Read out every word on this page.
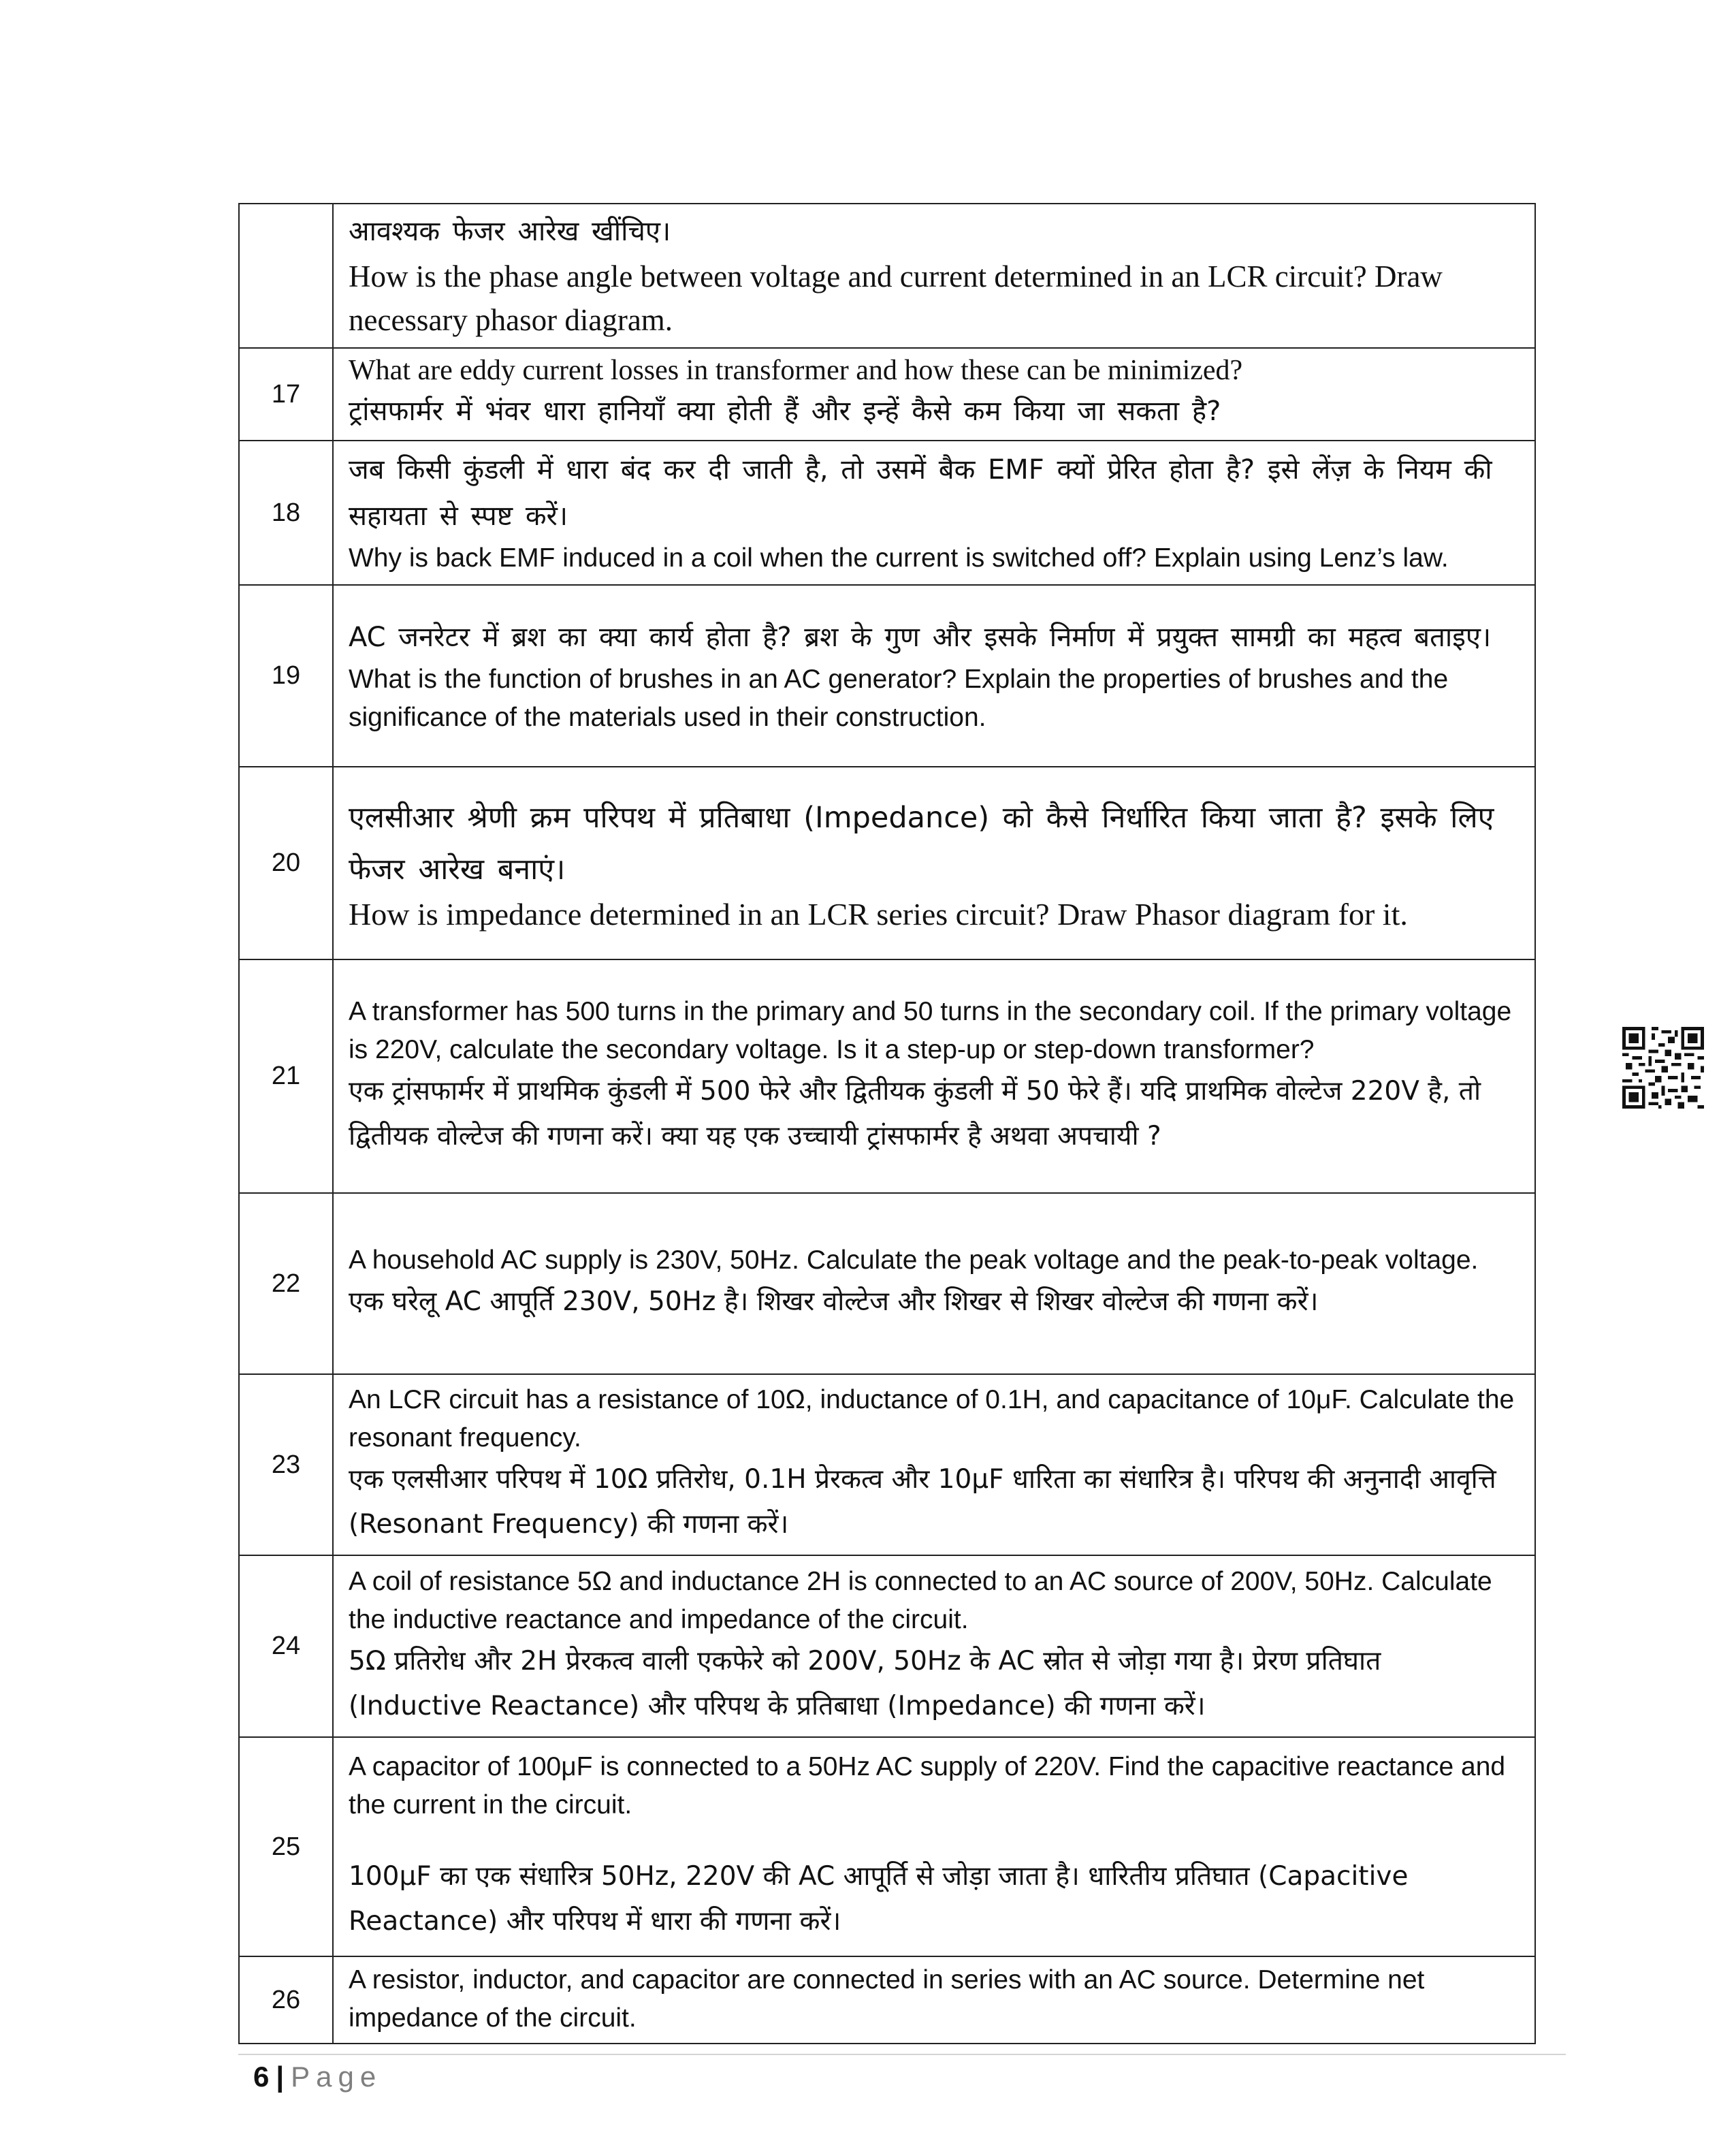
	आवश्यक फेजर आरेख खींचिए।

How is the phase angle between voltage and current determined in an LCR circuit? Draw necessary phasor diagram.

17	What are eddy current losses in transformer and how these can be minimized?

ट्रांसफार्मर में भंवर धारा हानियाँ क्या होती हैं और इन्हें कैसे कम किया जा सकता है?

18	जब किसी कुंडली में धारा बंद कर दी जाती है, तो उसमें बैक EMF क्यों प्रेरित होता है? इसे लेंज़ के नियम की सहायता से स्पष्ट करें।

Why is back EMF induced in a coil when the current is switched off? Explain using Lenz’s law.

19	AC जनरेटर में ब्रश का क्या कार्य होता है? ब्रश के गुण और इसके निर्माण में प्रयुक्त सामग्री का महत्व बताइए।

What is the function of brushes in an AC generator? Explain the properties of brushes and the significance of the materials used in their construction.

20	एलसीआर श्रेणी क्रम परिपथ में प्रतिबाधा (Impedance) को कैसे निर्धारित किया जाता है? इसके लिए फेजर आरेख बनाएं।

How is impedance determined in an LCR series circuit? Draw Phasor diagram for it.

21	A transformer has 500 turns in the primary and 50 turns in the secondary coil. If the primary voltage is 220V, calculate the secondary voltage. Is it a step-up or step-down transformer?

एक ट्रांसफार्मर में प्राथमिक कुंडली में 500 फेरे और द्वितीयक कुंडली में 50 फेरे हैं। यदि प्राथमिक वोल्टेज 220V है, तो द्वितीयक वोल्टेज की गणना करें। क्या यह एक उच्चायी ट्रांसफार्मर है अथवा अपचायी ?

22	A household AC supply is 230V, 50Hz. Calculate the peak voltage and the peak-to-peak voltage.

एक घरेलू AC आपूर्ति 230V, 50Hz है। शिखर वोल्टेज और शिखर से शिखर वोल्टेज की गणना करें।

23	An LCR circuit has a resistance of 10Ω, inductance of 0.1H, and capacitance of 10μF. Calculate the resonant frequency.

एक एलसीआर परिपथ में 10Ω प्रतिरोध, 0.1H प्रेरकत्व और 10μF धारिता का संधारित्र है। परिपथ की अनुनादी आवृत्ति (Resonant Frequency) की गणना करें।

24	A coil of resistance 5Ω and inductance 2H is connected to an AC source of 200V, 50Hz. Calculate the inductive reactance and impedance of the circuit.

5Ω प्रतिरोध और 2H प्रेरकत्व वाली एकफेरे को 200V, 50Hz के AC स्रोत से जोड़ा गया है। प्रेरण प्रतिघात (Inductive Reactance) और परिपथ के प्रतिबाधा (Impedance) की गणना करें।

25	A capacitor of 100μF is connected to a 50Hz AC supply of 220V. Find the capacitive reactance and the current in the circuit.

100μF का एक संधारित्र 50Hz, 220V की AC आपूर्ति से जोड़ा जाता है। धारितीय प्रतिघात (Capacitive Reactance) और परिपथ में धारा की गणना करें।

26	A resistor, inductor, and capacitor are connected in series with an AC source. Determine net impedance of the circuit.

6 | Page
